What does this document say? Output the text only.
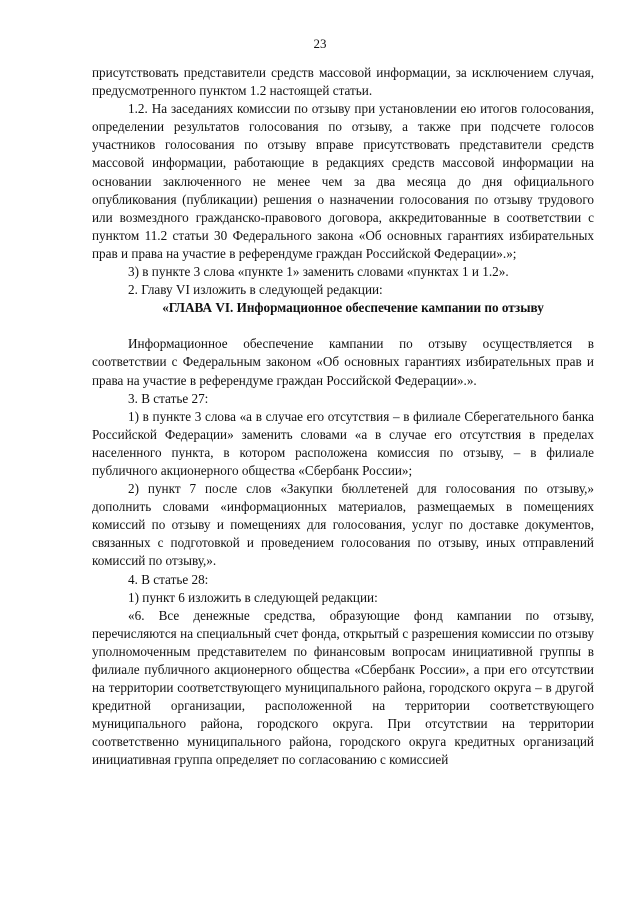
23

присутствовать представители средств массовой информации, за исключением случая, предусмотренного пунктом 1.2 настоящей статьи.

1.2. На заседаниях комиссии по отзыву при установлении ею итогов голосования, определении результатов голосования по отзыву, а также при подсчете голосов участников голосования по отзыву вправе присутствовать представители средств массовой информации, работающие в редакциях средств массовой информации на основании заключенного не менее чем за два месяца до дня официального опубликования (публикации) решения о назначении голосования по отзыву трудового или возмездного гражданско-правового договора, аккредитованные в соответствии с пунктом 11.2 статьи 30 Федерального закона «Об основных гарантиях избирательных прав и права на участие в референдуме граждан Российской Федерации».»;

3) в пункте 3 слова «пункте 1» заменить словами «пунктах 1 и 1.2».

2. Главу VI изложить в следующей редакции:

«ГЛАВА VI. Информационное обеспечение кампании по отзыву

Информационное обеспечение кампании по отзыву осуществляется в соответствии с Федеральным законом «Об основных гарантиях избирательных прав и права на участие в референдуме граждан Российской Федерации».».

3. В статье 27:

1) в пункте 3 слова «а в случае его отсутствия – в филиале Сберегательного банка Российской Федерации» заменить словами «а в случае его отсутствия в пределах населенного пункта, в котором расположена комиссия по отзыву, – в филиале публичного акционерного общества «Сбербанк России»;

2) пункт 7 после слов «Закупки бюллетеней для голосования по отзыву,» дополнить словами «информационных материалов, размещаемых в помещениях комиссий по отзыву и помещениях для голосования, услуг по доставке документов, связанных с подготовкой и проведением голосования по отзыву, иных отправлений комиссий по отзыву,».

4. В статье 28:

1) пункт 6 изложить в следующей редакции:

«6. Все денежные средства, образующие фонд кампании по отзыву, перечисляются на специальный счет фонда, открытый с разрешения комиссии по отзыву уполномоченным представителем по финансовым вопросам инициативной группы в филиале публичного акционерного общества «Сбербанк России», а при его отсутствии на территории соответствующего муниципального района, городского округа – в другой кредитной организации, расположенной на территории соответствующего муниципального района, городского округа. При отсутствии на территории соответственно муниципального района, городского округа кредитных организаций инициативная группа определяет по согласованию с комиссией
